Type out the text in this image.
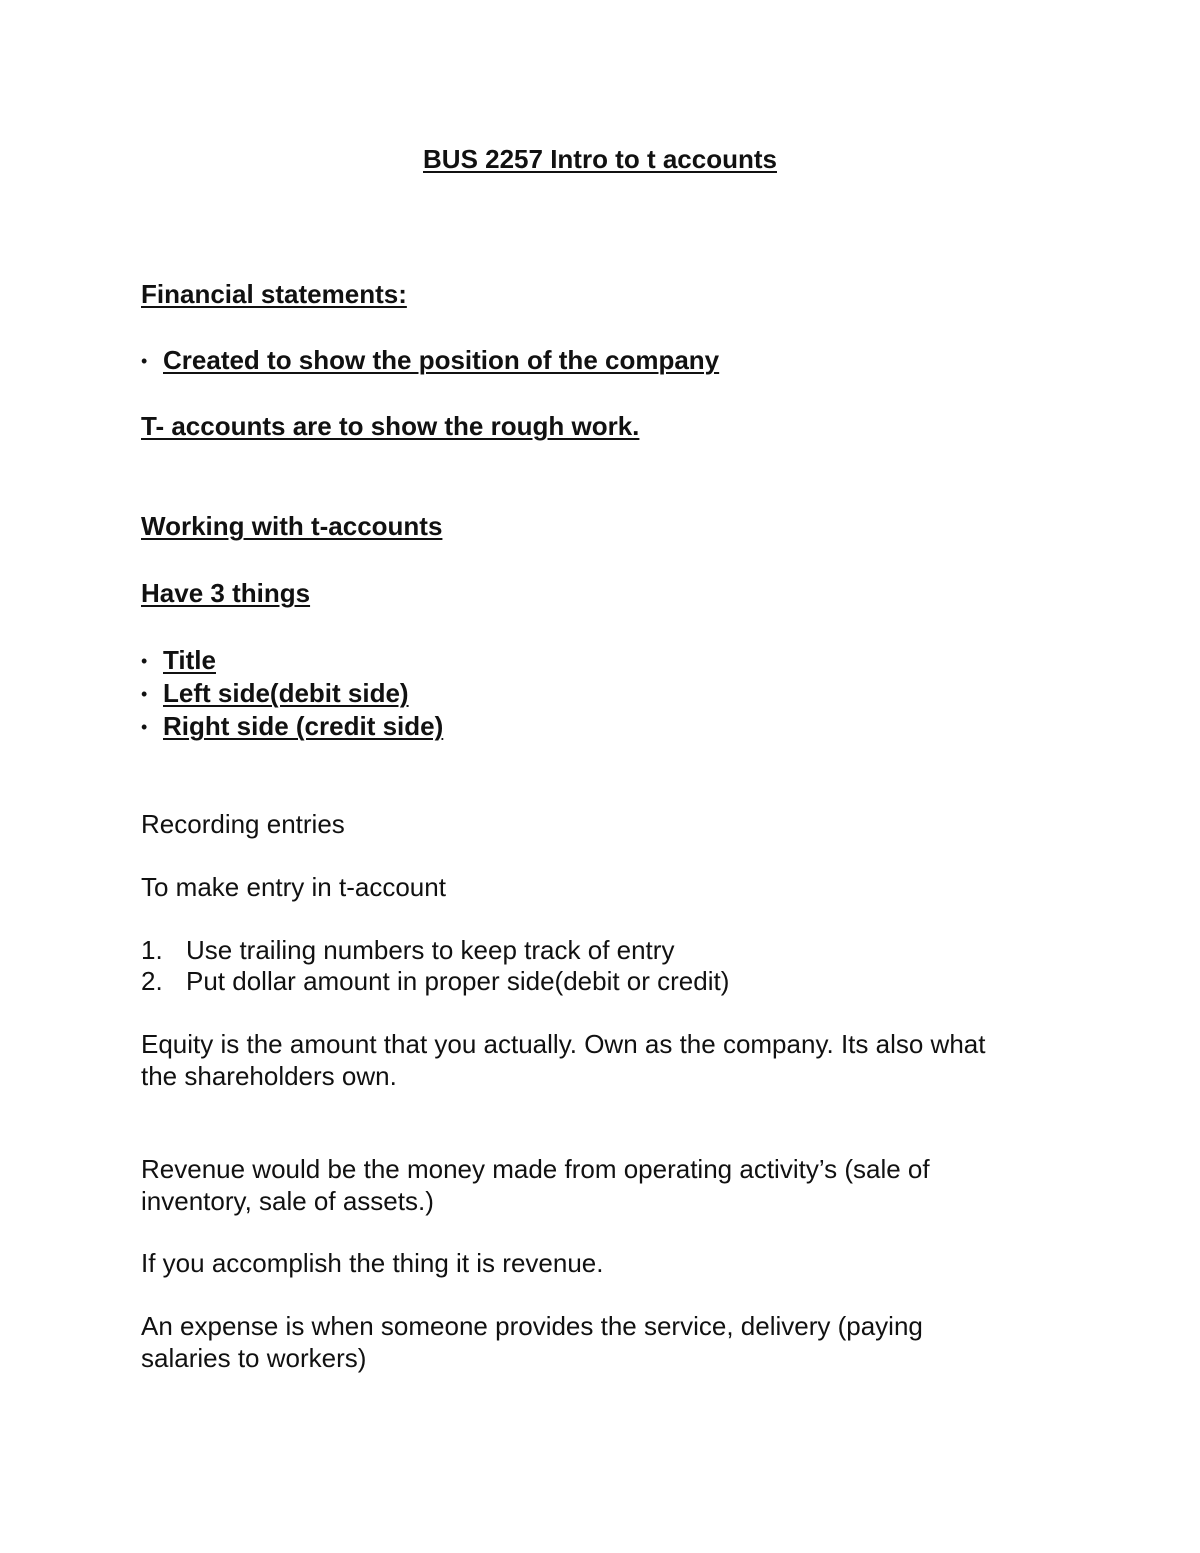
BUS 2257 Intro to t accounts
Financial statements:
• Created to show the position of the company
T- accounts are to show the rough work.
Working with t-accounts
Have 3 things
• Title
• Left side(debit side)
• Right side (credit side)
Recording entries
To make entry in t-account
1. Use trailing numbers to keep track of entry
2. Put dollar amount in proper side(debit or credit)
Equity is the amount that you actually. Own as the company. Its also what
the shareholders own.
Revenue would be the money made from operating activity’s (sale of
inventory, sale of assets.)
If you accomplish the thing it is revenue.
An expense is when someone provides the service, delivery (paying
salaries to workers)
